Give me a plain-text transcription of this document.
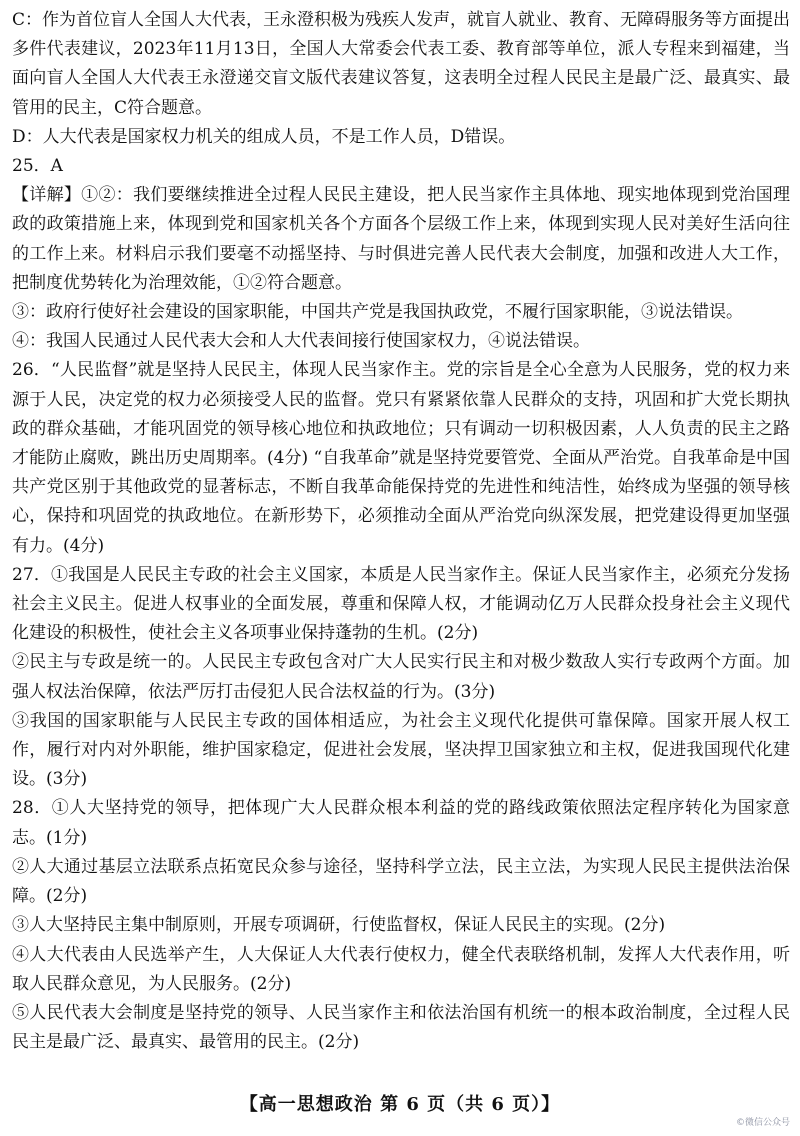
C：作为首位盲人全国人大代表，王永澄积极为残疾人发声，就盲人就业、教育、无障碍服务等方面提出多件代表建议，2023年11月13日，全国人大常委会代表工委、教育部等单位，派人专程来到福建，当面向盲人全国人大代表王永澄递交盲文版代表建议答复，这表明全过程人民民主是最广泛、最真实、最管用的民主，C符合题意。

D：人大代表是国家权力机关的组成人员，不是工作人员，D错误。

25．A

【详解】①②：我们要继续推进全过程人民民主建设，把人民当家作主具体地、现实地体现到党治国理政的政策措施上来，体现到党和国家机关各个方面各个层级工作上来，体现到实现人民对美好生活向往的工作上来。材料启示我们要毫不动摇坚持、与时俱进完善人民代表大会制度，加强和改进人大工作，把制度优势转化为治理效能，①②符合题意。

③：政府行使好社会建设的国家职能，中国共产党是我国执政党，不履行国家职能，③说法错误。

④：我国人民通过人民代表大会和人大代表间接行使国家权力，④说法错误。

26．“人民监督”就是坚持人民民主，体现人民当家作主。党的宗旨是全心全意为人民服务，党的权力来源于人民，决定党的权力必须接受人民的监督。党只有紧紧依靠人民群众的支持，巩固和扩大党长期执政的群众基础，才能巩固党的领导核心地位和执政地位；只有调动一切积极因素，人人负责的民主之路才能防止腐败，跳出历史周期率。(4分) “自我革命”就是坚持党要管党、全面从严治党。自我革命是中国共产党区别于其他政党的显著标志，不断自我革命能保持党的先进性和纯洁性，始终成为坚强的领导核心，保持和巩固党的执政地位。在新形势下，必须推动全面从严治党向纵深发展，把党建设得更加坚强有力。(4分)

27．①我国是人民民主专政的社会主义国家，本质是人民当家作主。保证人民当家作主，必须充分发扬社会主义民主。促进人权事业的全面发展，尊重和保障人权，才能调动亿万人民群众投身社会主义现代化建设的积极性，使社会主义各项事业保持蓬勃的生机。(2分)

②民主与专政是统一的。人民民主专政包含对广大人民实行民主和对极少数敌人实行专政两个方面。加强人权法治保障，依法严厉打击侵犯人民合法权益的行为。(3分)

③我国的国家职能与人民民主专政的国体相适应，为社会主义现代化提供可靠保障。国家开展人权工作，履行对内对外职能，维护国家稳定，促进社会发展，坚决捍卫国家独立和主权，促进我国现代化建设。(3分)

28．①人大坚持党的领导，把体现广大人民群众根本利益的党的路线政策依照法定程序转化为国家意志。(1分)

②人大通过基层立法联系点拓宽民众参与途径，坚持科学立法，民主立法，为实现人民民主提供法治保障。(2分)

③人大坚持民主集中制原则，开展专项调研，行使监督权，保证人民民主的实现。(2分)

④人大代表由人民选举产生，人大保证人大代表行使权力，健全代表联络机制，发挥人大代表作用，听取人民群众意见，为人民服务。(2分)

⑤人民代表大会制度是坚持党的领导、人民当家作主和依法治国有机统一的根本政治制度，全过程人民民主是最广泛、最真实、最管用的民主。(2分)

【高一思想政治 第 6 页（共 6 页）】
©微信公众号
